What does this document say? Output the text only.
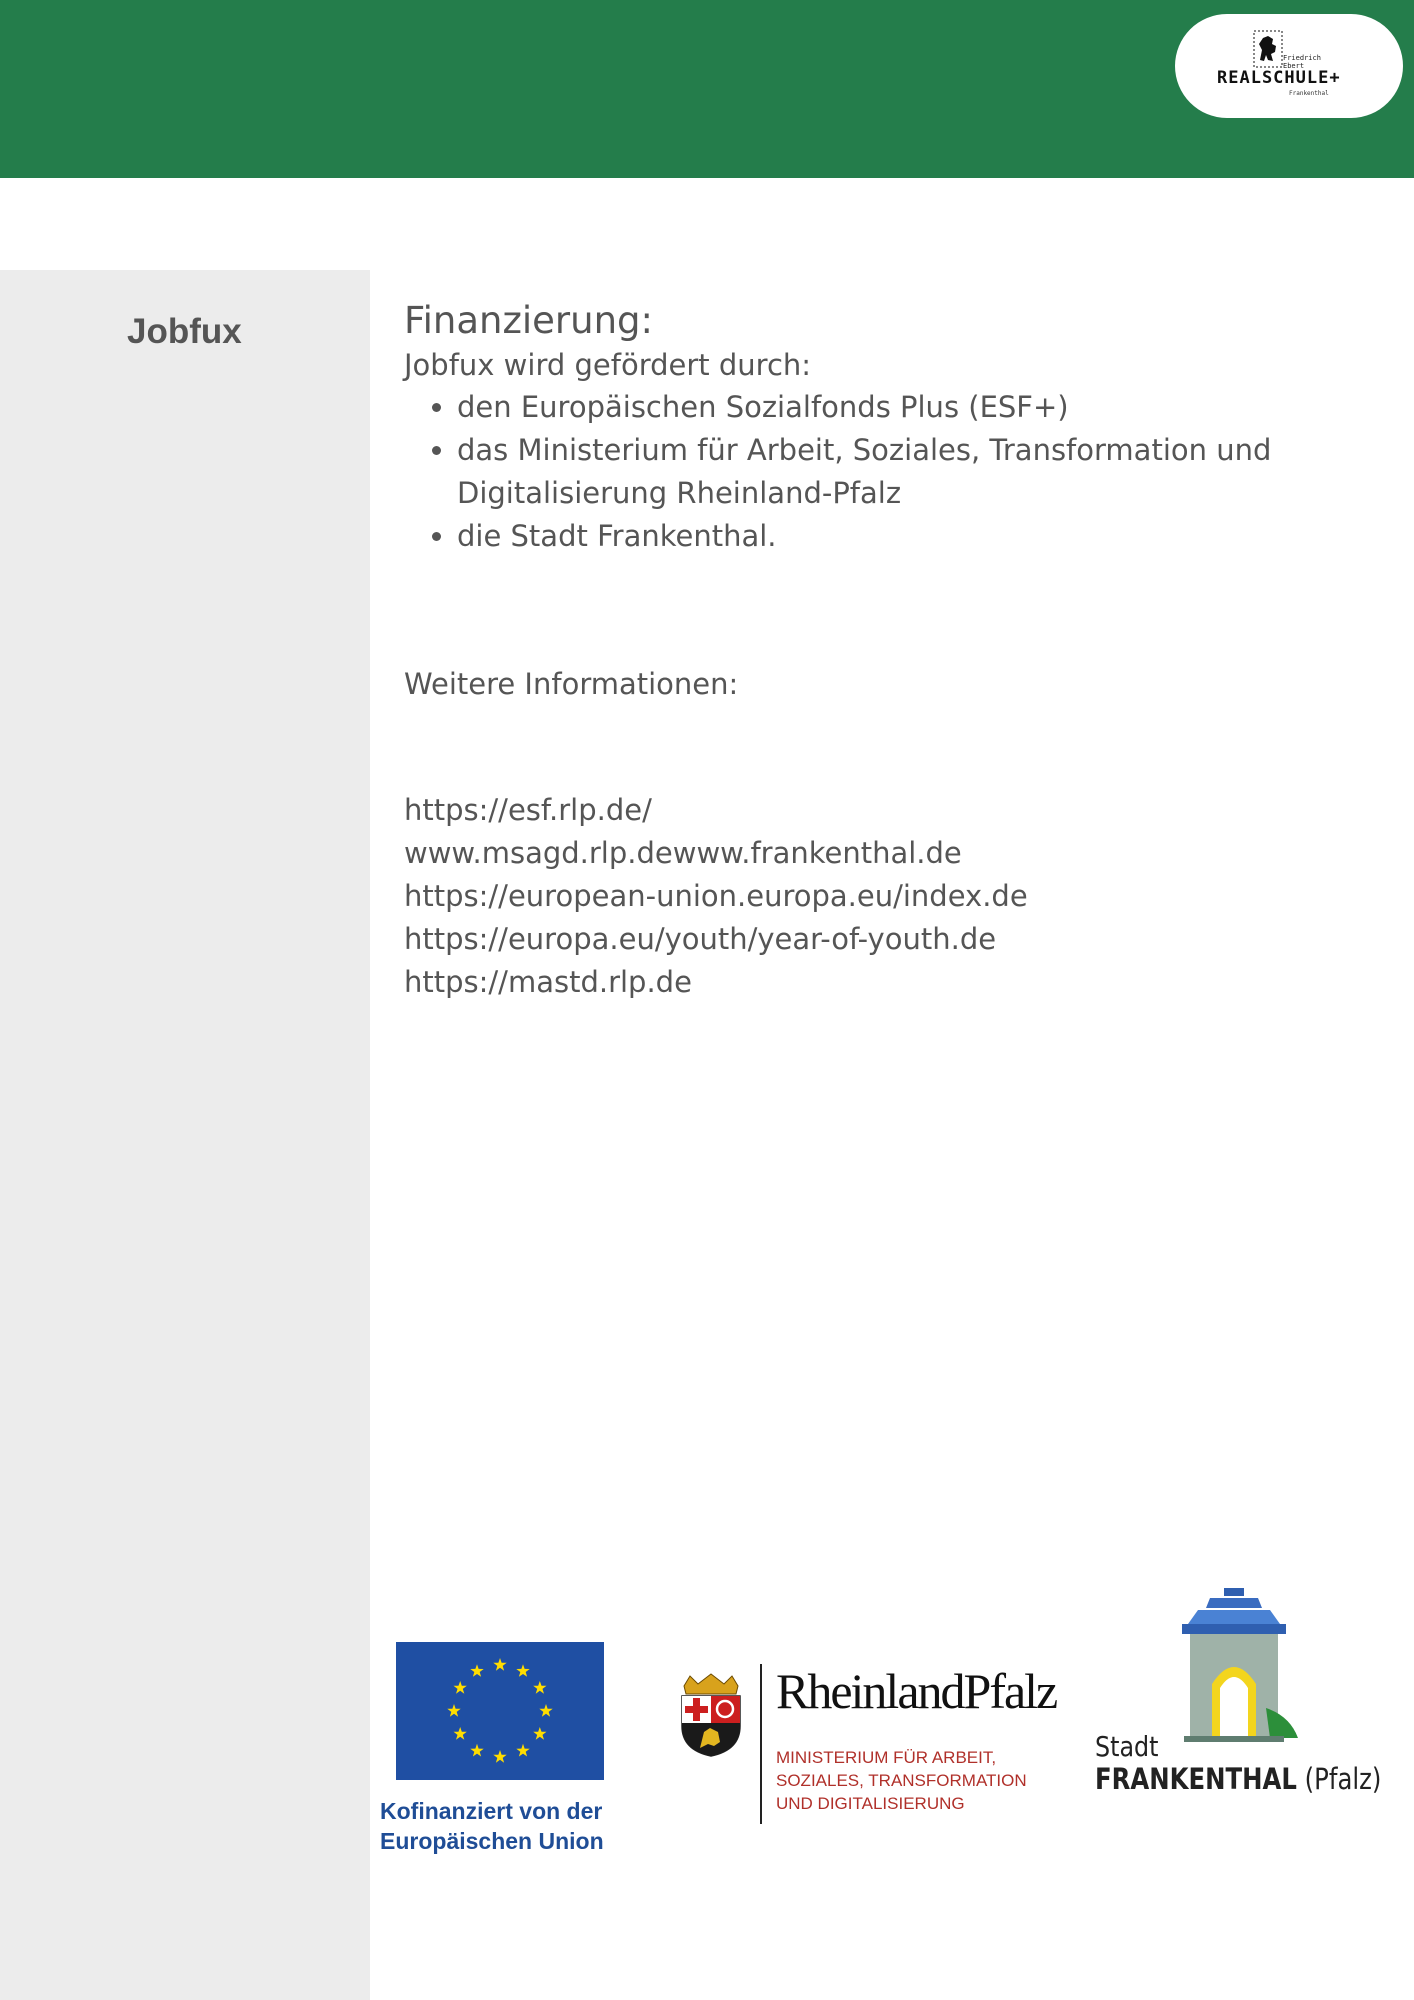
Friedrich
Ebert
REALSCHULE+
Frankenthal
Jobfux	Finanzierung:

Jobfux wird gefördert durch:

• den Europäischen Sozialfonds Plus (ESF+)
• das Ministerium für Arbeit, Soziales, Transformation und Digitalisierung Rheinland-Pfalz
• die Stadt Frankenthal.

Weitere Informationen:

https://esf.rlp.de/
www.msagd.rlp.dewww.frankenthal.de
https://european-union.europa.eu/index.de
https://europa.eu/youth/year-of-youth.de
https://mastd.rlp.de
Kofinanziert von der
Europäischen Union
RheinlandPfalz
MINISTERIUM FÜR ARBEIT,
SOZIALES, TRANSFORMATION
UND DIGITALISIERUNG
Stadt
FRANKENTHAL (Pfalz)
